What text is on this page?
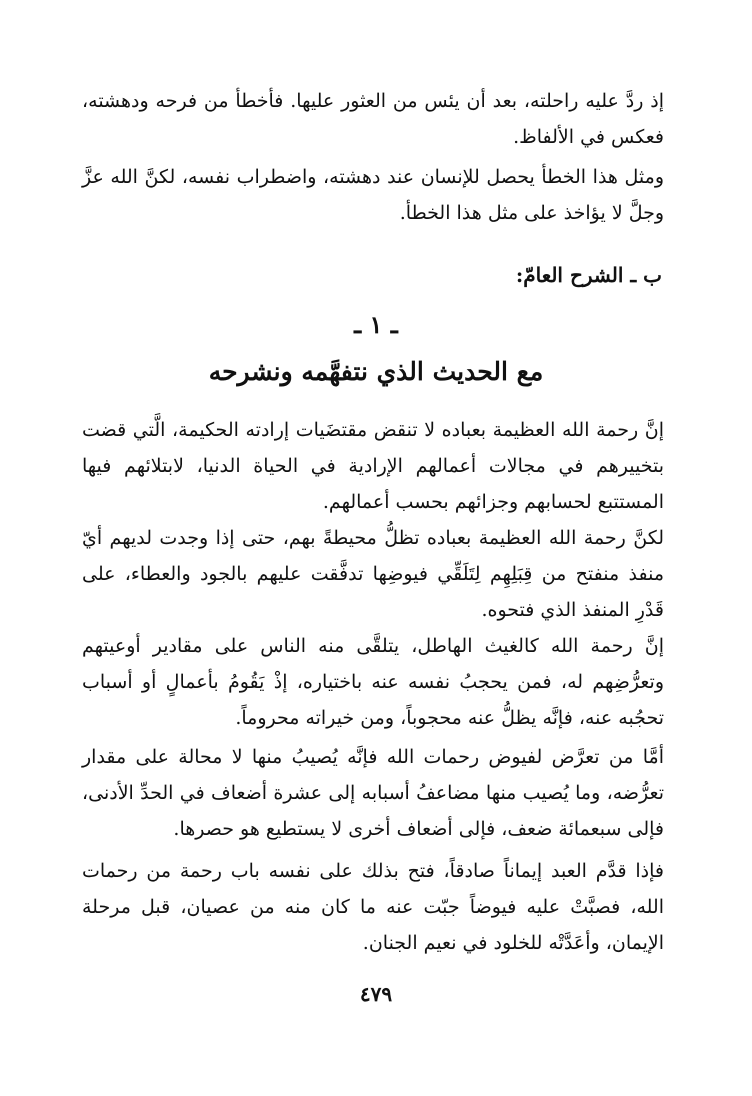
إذ ردَّ عليه راحلته، بعد أن يئس من العثور عليها. فأخطأ من فرحه ودهشته، فعكس في الألفاظ.

ومثل هذا الخطأ يحصل للإنسان عند دهشته، واضطراب نفسه، لكنَّ الله عزَّ وجلَّ لا يؤاخذ على مثل هذا الخطأ.

ب ـ الشرح العامّ:
ـ ١ ـ
مع الحديث الذي نتفهَّمه ونشرحه

إنَّ رحمة الله العظيمة بعباده لا تنقض مقتضَيات إرادته الحكيمة، الَّتي قضت بتخييرهم في مجالات أعمالهم الإرادية في الحياة الدنيا، لابتلائهم فيها المستتبع لحسابهم وجزائهم بحسب أعمالهم.

لكنَّ رحمة الله العظيمة بعباده تظلُّ محيطةً بهم، حتى إذا وجدت لديهم أيّ منفذ منفتح من قِبَلِهِم لِتَلَقِّي فيوضِها تدفَّقت عليهم بالجود والعطاء، على قَدْرِ المنفذ الذي فتحوه.

إنَّ رحمة الله كالغيث الهاطل، يتلقَّى منه الناس على مقادير أوعيتهم وتعرُّضِهم له، فمن يحجبُ نفسه عنه باختياره، إذْ يَقُومُ بأعمالٍ أو أسباب تحجُبه عنه، فإنَّه يظلُّ عنه محجوباً، ومن خيراته محروماً.

أمَّا من تعرَّض لفيوض رحمات الله فإنَّه يُصيبُ منها لا محالة على مقدار تعرُّضه، وما يُصيب منها مضاعفُ أسبابه إلى عشرة أضعاف في الحدِّ الأدنى، فإلى سبعمائة ضعف، فإلى أضعاف أخرى لا يستطيع هو حصرها.

فإذا قدَّم العبد إيماناً صادقاً، فتح بذلك على نفسه باب رحمة من رحمات الله، فصبَّتْ عليه فيوضاً جبّت عنه ما كان منه من عصيان، قبل مرحلة الإيمان، وأعَدَّتْه للخلود في نعيم الجنان.

٤٧٩
